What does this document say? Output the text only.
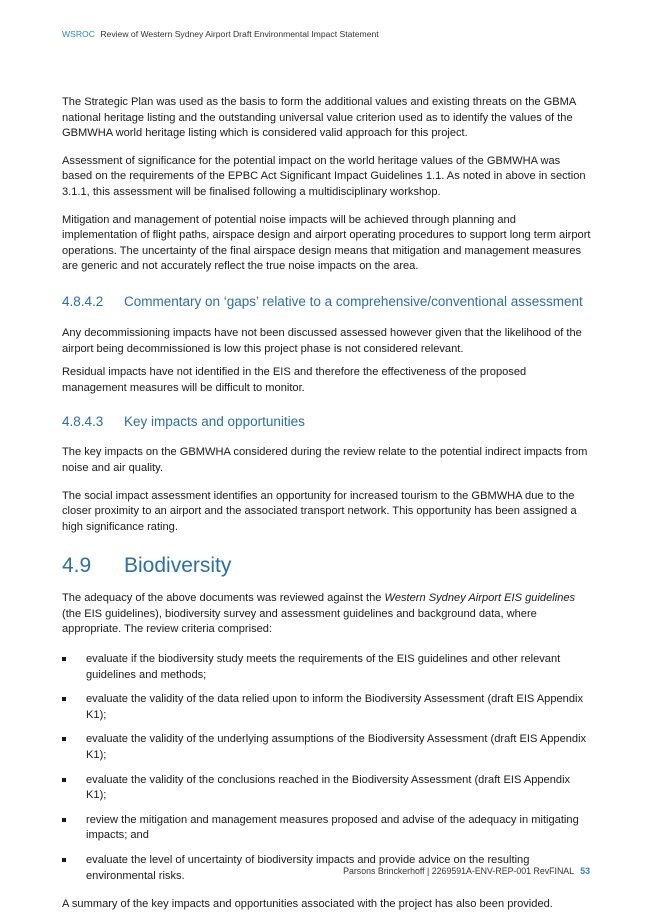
WSROC Review of Western Sydney Airport Draft Environmental Impact Statement

The Strategic Plan was used as the basis to form the additional values and existing threats on the GBMA national heritage listing and the outstanding universal value criterion used as to identify the values of the GBMWHA world heritage listing which is considered valid approach for this project.

Assessment of significance for the potential impact on the world heritage values of the GBMWHA was based on the requirements of the EPBC Act Significant Impact Guidelines 1.1. As noted in above in section 3.1.1, this assessment will be finalised following a multidisciplinary workshop.

Mitigation and management of potential noise impacts will be achieved through planning and implementation of flight paths, airspace design and airport operating procedures to support long term airport operations. The uncertainty of the final airspace design means that mitigation and management measures are generic and not accurately reflect the true noise impacts on the area.

4.8.4.2 Commentary on ‘gaps’ relative to a comprehensive/conventional assessment

Any decommissioning impacts have not been discussed assessed however given that the likelihood of the airport being decommissioned is low this project phase is not considered relevant.

Residual impacts have not identified in the EIS and therefore the effectiveness of the proposed management measures will be difficult to monitor.

4.8.4.3 Key impacts and opportunities

The key impacts on the GBMWHA considered during the review relate to the potential indirect impacts from noise and air quality.

The social impact assessment identifies an opportunity for increased tourism to the GBMWHA due to the closer proximity to an airport and the associated transport network. This opportunity has been assigned a high significance rating.

4.9 Biodiversity

The adequacy of the above documents was reviewed against the Western Sydney Airport EIS guidelines (the EIS guidelines), biodiversity survey and assessment guidelines and background data, where appropriate. The review criteria comprised:

evaluate if the biodiversity study meets the requirements of the EIS guidelines and other relevant guidelines and methods;
evaluate the validity of the data relied upon to inform the Biodiversity Assessment (draft EIS Appendix K1);
evaluate the validity of the underlying assumptions of the Biodiversity Assessment (draft EIS Appendix K1);
evaluate the validity of the conclusions reached in the Biodiversity Assessment (draft EIS Appendix K1);
review the mitigation and management measures proposed and advise of the adequacy in mitigating impacts; and
evaluate the level of uncertainty of biodiversity impacts and provide advice on the resulting environmental risks.

A summary of the key impacts and opportunities associated with the project has also been provided.

Parsons Brinckerhoff | 2269591A-ENV-REP-001 RevFINAL 53
